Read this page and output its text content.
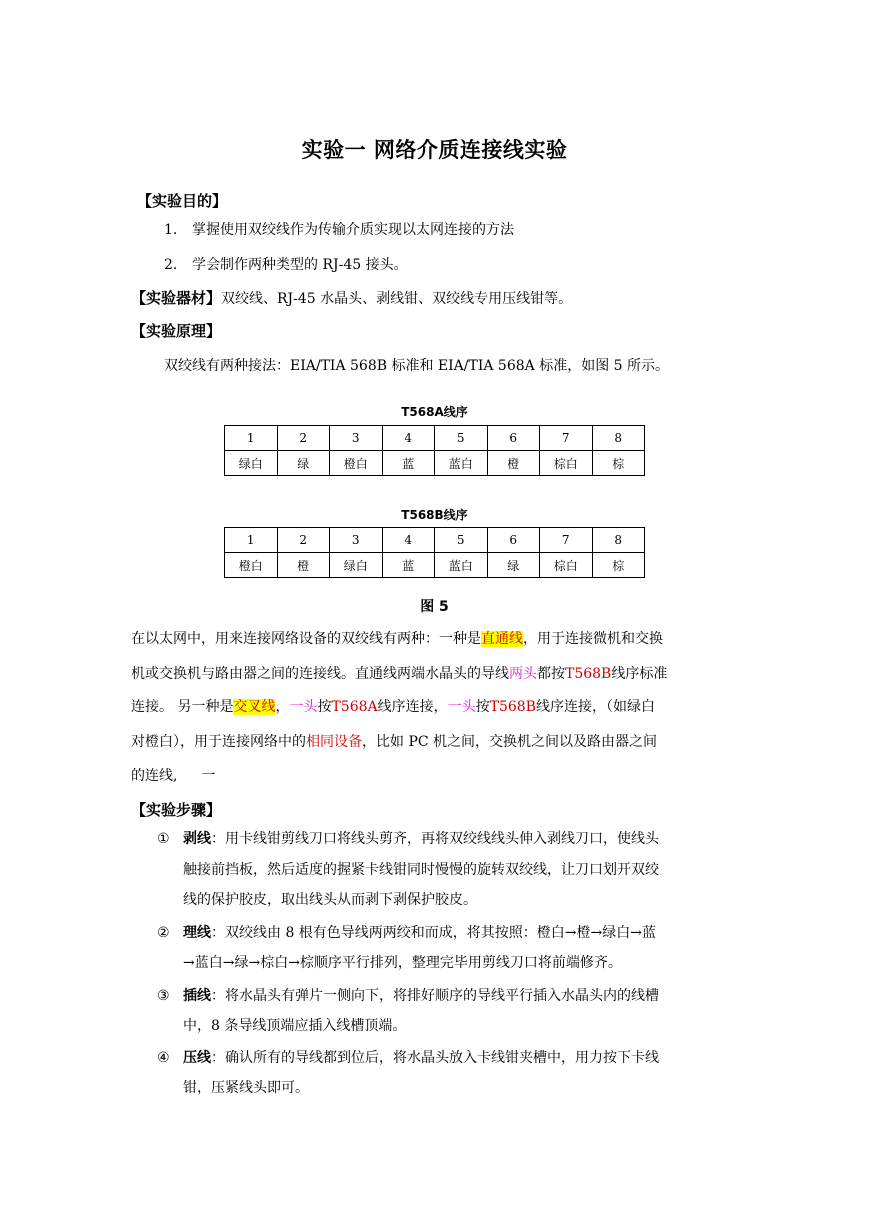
实验一 网络介质连接线实验
【实验目的】
1. 掌握使用双绞线作为传输介质实现以太网连接的方法
2. 学会制作两种类型的 RJ-45 接头。
【实验器材】双绞线、RJ-45 水晶头、剥线钳、双绞线专用压线钳等。
【实验原理】
双绞线有两种接法：EIA/TIA 568B 标准和 EIA/TIA 568A 标准，如图 5 所示。
T568A线序
1	2	3	4	5	6	7	8
绿白	绿	橙白	蓝	蓝白	橙	棕白	棕
T568B线序
1	2	3	4	5	6	7	8
橙白	橙	绿白	蓝	蓝白	绿	棕白	棕
图 5
在以太网中，用来连接网络设备的双绞线有两种：一种是直通线，用于连接微机和交换
机或交换机与路由器之间的连接线。直通线两端水晶头的导线两头都按T568B线序标准
连接。 另一种是交叉线，一头按T568A线序连接，一头按T568B线序连接，（如绿白
对橙白），用于连接网络中的相同设备，比如 PC 机之间，交换机之间以及路由器之间
的连线, 一
【实验步骤】
① 剥线：用卡线钳剪线刀口将线头剪齐，再将双绞线线头伸入剥线刀口，使线头
触接前挡板，然后适度的握紧卡线钳同时慢慢的旋转双绞线，让刀口划开双绞
线的保护胶皮，取出线头从而剥下剥保护胶皮。
② 理线：双绞线由 8 根有色导线两两绞和而成，将其按照：橙白→橙→绿白→蓝
→蓝白→绿→棕白→棕顺序平行排列，整理完毕用剪线刀口将前端修齐。
③ 插线：将水晶头有弹片一侧向下，将排好顺序的导线平行插入水晶头内的线槽
中，8 条导线顶端应插入线槽顶端。
④ 压线：确认所有的导线都到位后，将水晶头放入卡线钳夹槽中，用力按下卡线
钳，压紧线头即可。
